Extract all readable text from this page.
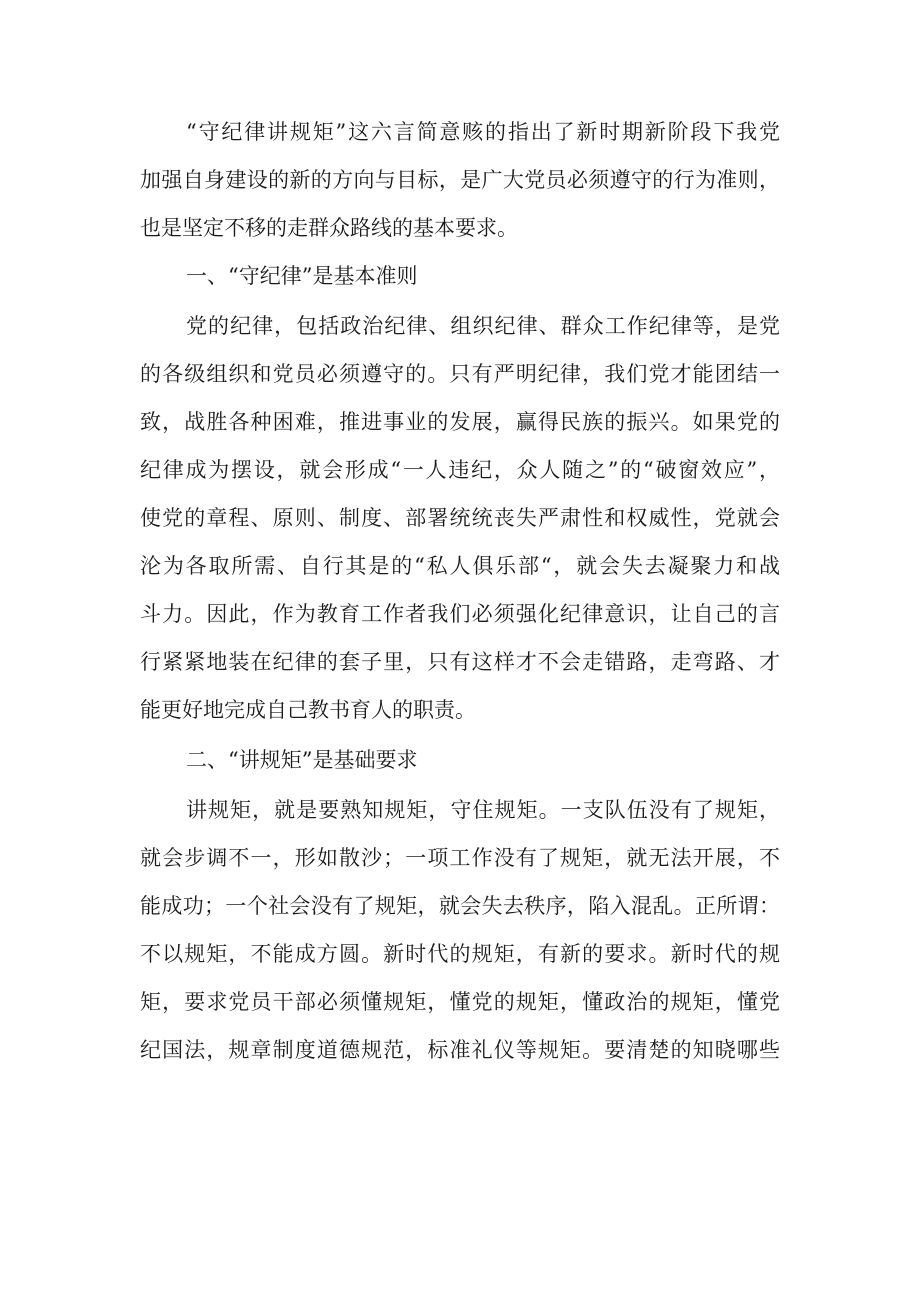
“守纪律讲规矩”这六言简意赅的指出了新时期新阶段下我党
加强自身建设的新的方向与目标，是广大党员必须遵守的行为准则，
也是坚定不移的走群众路线的基本要求。
一、“守纪律”是基本准则
党的纪律，包括政治纪律、组织纪律、群众工作纪律等，是党
的各级组织和党员必须遵守的。只有严明纪律，我们党才能团结一
致，战胜各种困难，推进事业的发展，赢得民族的振兴。如果党的
纪律成为摆设，就会形成“一人违纪，众人随之”的“破窗效应”，
使党的章程、原则、制度、部署统统丧失严肃性和权威性，党就会
沦为各取所需、自行其是的“私人俱乐部“，就会失去凝聚力和战
斗力。因此，作为教育工作者我们必须强化纪律意识，让自己的言
行紧紧地装在纪律的套子里，只有这样才不会走错路，走弯路、才
能更好地完成自己教书育人的职责。
二、“讲规矩”是基础要求
讲规矩，就是要熟知规矩，守住规矩。一支队伍没有了规矩，
就会步调不一，形如散沙；一项工作没有了规矩，就无法开展，不
能成功；一个社会没有了规矩，就会失去秩序，陷入混乱。正所谓：
不以规矩，不能成方圆。新时代的规矩，有新的要求。新时代的规
矩，要求党员干部必须懂规矩，懂党的规矩，懂政治的规矩，懂党
纪国法，规章制度道德规范，标准礼仪等规矩。要清楚的知晓哪些
